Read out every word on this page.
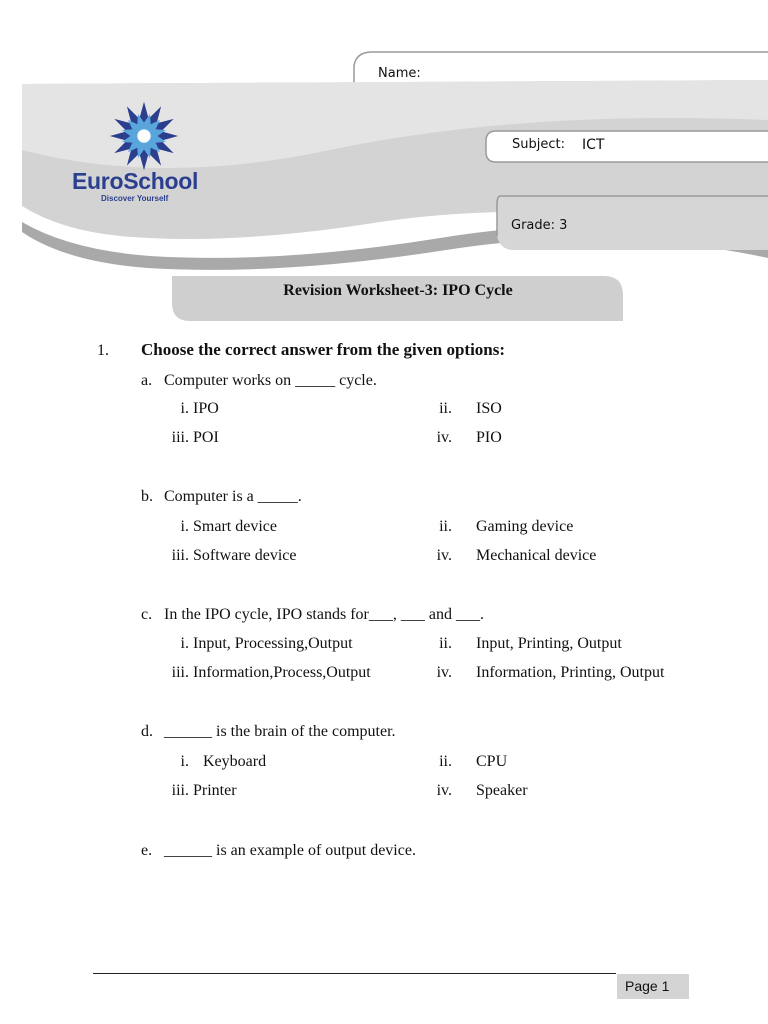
EuroSchool
Discover Yourself
Name:
Subject: ICT
Grade: 3
Revision Worksheet-3: IPO Cycle
1. Choose the correct answer from the given options:
a. Computer works on _____ cycle.
i. IPO	ii. ISO
iii. POI	iv. PIO
b. Computer is a _____.
i. Smart device	ii. Gaming device
iii. Software device	iv. Mechanical device
c. In the IPO cycle, IPO stands for___, ___ and ___.
i. Input, Processing,Output	ii. Input, Printing, Output
iii. Information,Process,Output	iv. Information, Printing, Output
d. ______ is the brain of the computer.
i. Keyboard	ii. CPU
iii. Printer	iv. Speaker
e. ______ is an example of output device.
Page 1
